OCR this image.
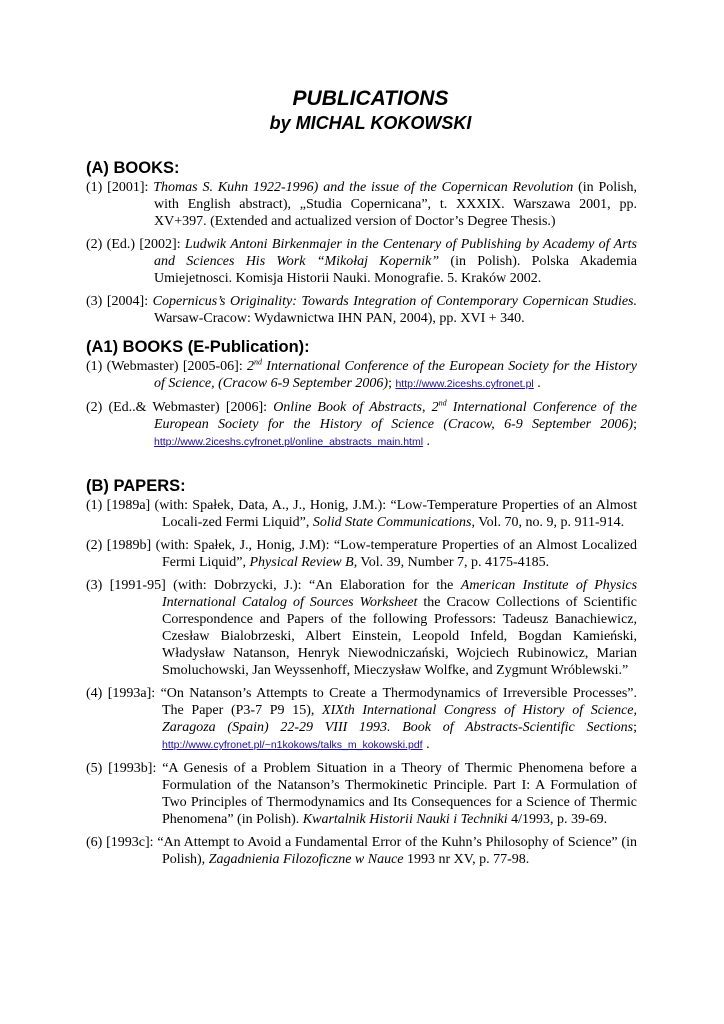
PUBLICATIONS
by MICHAL KOKOWSKI
(A) BOOKS:

(1) [2001]: Thomas S. Kuhn 1922-1996) and the issue of the Copernican Revolution (in Polish, with English abstract), „Studia Copernicana”, t. XXXIX. Warszawa 2001, pp. XV+397. (Extended and actualized version of Doctor’s Degree Thesis.)

(2) (Ed.) [2002]: Ludwik Antoni Birkenmajer in the Centenary of Publishing by Academy of Arts and Sciences His Work “Mikołaj Kopernik” (in Polish). Polska Akademia Umiejetnosci. Komisja Historii Nauki. Monografie. 5. Kraków 2002.

(3) [2004]: Copernicus’s Originality: Towards Integration of Contemporary Copernican Studies. Warsaw-Cracow: Wydawnictwa IHN PAN, 2004), pp. XVI + 340.

(A1) BOOKS (E-Publication):

(1) (Webmaster) [2005-06]: 2nd International Conference of the European Society for the History of Science, (Cracow 6-9 September 2006); http://www.2iceshs.cyfronet.pl .

(2) (Ed..& Webmaster) [2006]: Online Book of Abstracts, 2nd International Conference of the European Society for the History of Science (Cracow, 6-9 September 2006); http://www.2iceshs.cyfronet.pl/online_abstracts_main.html .

(B) PAPERS:

(1) [1989a] (with: Spałek, Data, A., J., Honig, J.M.): “Low-Temperature Properties of an Almost Locali-zed Fermi Liquid”, Solid State Communications, Vol. 70, no. 9, p. 911-914.

(2) [1989b] (with: Spałek, J., Honig, J.M): “Low-temperature Properties of an Almost Localized Fermi Liquid”, Physical Review B, Vol. 39, Number 7, p. 4175-4185.

(3) [1991-95] (with: Dobrzycki, J.): “An Elaboration for the American Institute of Physics International Catalog of Sources Worksheet the Cracow Collections of Scientific Correspondence and Papers of the following Professors: Tadeusz Banachiewicz, Czesław Bialobrzeski, Albert Einstein, Leopold Infeld, Bogdan Kamieński, Władysław Natanson, Henryk Niewodniczański, Wojciech Rubinowicz, Marian Smoluchowski, Jan Weyssenhoff, Mieczysław Wolfke, and Zygmunt Wróblewski.”

(4) [1993a]: “On Natanson’s Attempts to Create a Thermodynamics of Irreversible Processes”. The Paper (P3-7 P9 15), XIXth International Congress of History of Science, Zaragoza (Spain) 22-29 VIII 1993. Book of Abstracts-Scientific Sections; http://www.cyfronet.pl/~n1kokows/talks_m_kokowski.pdf .

(5) [1993b]: “A Genesis of a Problem Situation in a Theory of Thermic Phenomena before a Formulation of the Natanson’s Thermokinetic Principle. Part I: A Formulation of Two Principles of Thermodynamics and Its Consequences for a Science of Thermic Phenomena” (in Polish). Kwartalnik Historii Nauki i Techniki 4/1993, p. 39-69.

(6) [1993c]: “An Attempt to Avoid a Fundamental Error of the Kuhn’s Philosophy of Science” (in Polish), Zagadnienia Filozoficzne w Nauce 1993 nr XV, p. 77-98.
